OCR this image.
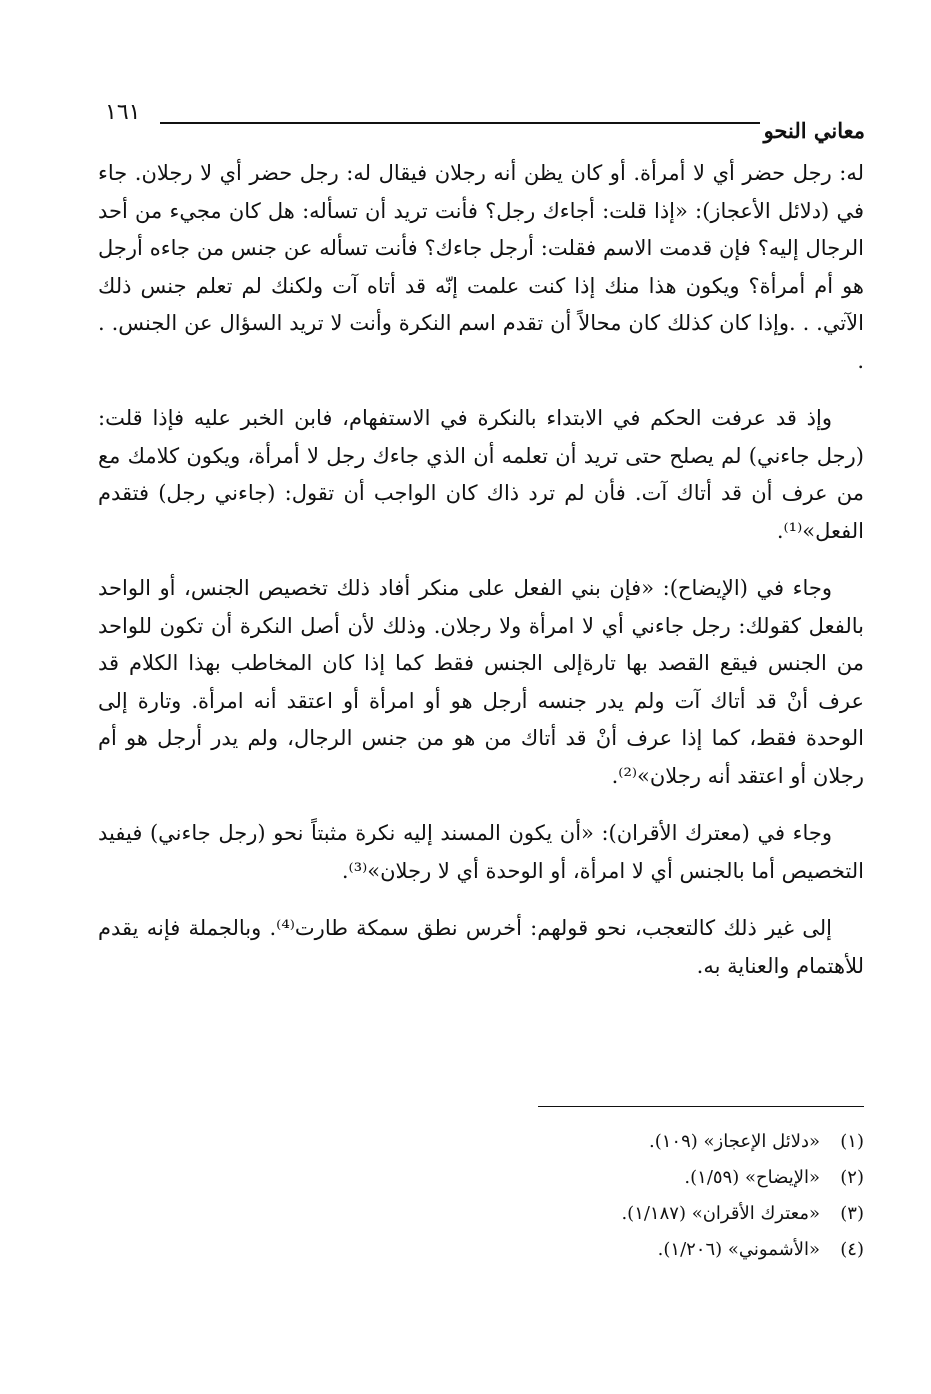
١٦١
معاني النحو

له: رجل حضر أي لا أمرأة. أو كان يظن أنه رجلان فيقال له: رجل حضر أي لا رجلان. جاء في (دلائل الأعجاز): «إذا قلت: أجاءك رجل؟ فأنت تريد أن تسأله: هل كان مجيء من أحد الرجال إليه؟ فإن قدمت الاسم فقلت: أرجل جاءك؟ فأنت تسأله عن جنس من جاءه أرجل هو أم أمرأة؟ ويكون هذا منك إذا كنت علمت إنّه قد أتاه آت ولكنك لم تعلم جنس ذلك الآتي. . .وإذا كان كذلك كان محالاً أن تقدم اسم النكرة وأنت لا تريد السؤال عن الجنس. . .

وإذ قد عرفت الحكم في الابتداء بالنكرة في الاستفهام، فابن الخبر عليه فإذا قلت: (رجل جاءني) لم يصلح حتى تريد أن تعلمه أن الذي جاءك رجل لا أمرأة، ويكون كلامك مع من عرف أن قد أتاك آت. فأن لم ترد ذاك كان الواجب أن تقول: (جاءني رجل) فتقدم الفعل»⁽¹⁾.

وجاء في (الإيضاح): «فإن بني الفعل على منكر أفاد ذلك تخصيص الجنس، أو الواحد بالفعل كقولك: رجل جاءني أي لا امرأة ولا رجلان. وذلك لأن أصل النكرة أن تكون للواحد من الجنس فيقع القصد بها تارةإلى الجنس فقط كما إذا كان المخاطب بهذا الكلام قد عرف أنْ قد أتاك آت ولم يدر جنسه أرجل هو أو امرأة أو اعتقد أنه امرأة. وتارة إلى الوحدة فقط، كما إذا عرف أنْ قد أتاك من هو من جنس الرجال، ولم يدر أرجل هو أم رجلان أو اعتقد أنه رجلان»⁽²⁾.

وجاء في (معترك الأقران): «أن يكون المسند إليه نكرة مثبتاً نحو (رجل جاءني) فيفيد التخصيص أما بالجنس أي لا امرأة، أو الوحدة أي لا رجلان»⁽³⁾.

إلى غير ذلك كالتعجب، نحو قولهم: أخرس نطق سمكة طارت⁽⁴⁾. وبالجملة فإنه يقدم للأهتمام والعناية به.

(١)«دلائل الإعجاز» (١٠٩).
(٢)«الإيضاح» (١/٥٩).
(٣)«معترك الأقران» (١/١٨٧).
(٤)«الأشموني» (١/٢٠٦).
